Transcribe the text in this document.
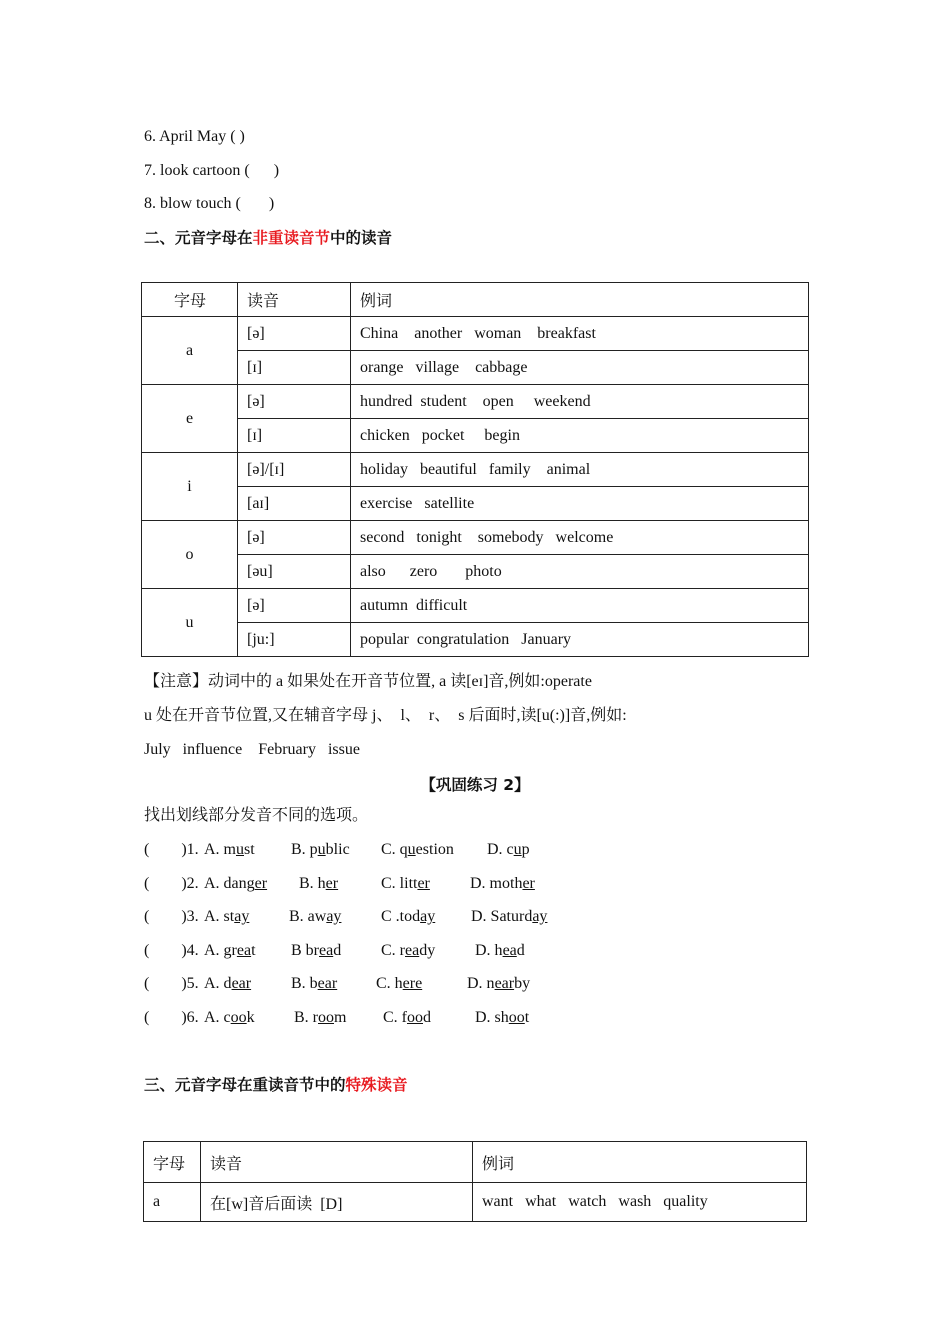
6. April May ( )
7. look cartoon (      )
8. blow touch (       )
二、元音字母在非重读音节中的读音
字母	读音	例词
a	[ə]	China    another   woman    breakfast
	[ɪ]	orange   village    cabbage
e	[ə]	hundred  student    open     weekend
	[ɪ]	chicken   pocket     begin
i	[ə]/[ɪ]	holiday   beautiful   family    animal
	[aɪ]	exercise   satellite
o	[ə]	second   tonight    somebody   welcome
	[əu]	also      zero       photo
u	[ə]	autumn  difficult
	[ju:]	popular  congratulation   January
【注意】动词中的 a 如果处在开音节位置, a 读[eɪ]音,例如:operate
u 处在开音节位置,又在辅音字母 j、  l、  r、  s 后面时,读[u(:)]音,例如:
July   influence    February   issue
【巩固练习 2】
找出划线部分发音不同的选项。
(        )1. A. must B. public C. question D. cup
(        )2. A. danger B. her	C. litter	D. mother
(        )3. A. stay B. away C .today D. Saturday
(        )4. A. great B bread C. ready D. head
(        )5. A. dear B. bear C. here	D. nearby
(        )6. A. cook B. room C. food	D. shoot
三、元音字母在重读音节中的特殊读音
字母	读音	例词
a	在[w]音后面读  [D]	want   what   watch   wash   quality
